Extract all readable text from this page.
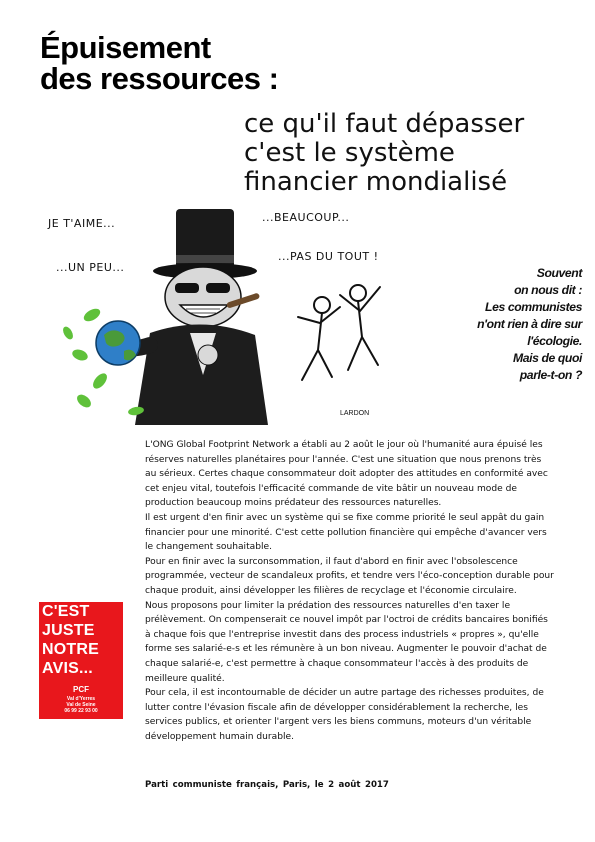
Épuisement
des ressources :
ce qu'il faut dépasser
c'est le système
financier mondialisé
JE T'AIME...
...UN PEU...
...BEAUCOUP...
...PAS DU TOUT !
LARDON
Souvent
on nous dit :
Les communistes
n'ont rien à dire sur
l'écologie.
Mais de quoi
parle-t-on ?

L'ONG Global Footprint Network a établi au 2 août le jour où l'humanité aura épuisé les réserves naturelles planétaires pour l'année. C'est une situation que nous prenons très au sérieux. Certes chaque consommateur doit adopter des attitudes en conformité avec cet enjeu vital, toutefois l'efficacité commande de vite bâtir un nouveau mode de production beaucoup moins prédateur des ressources naturelles.

Il est urgent d'en finir avec un système qui se fixe comme priorité le seul appât du gain financier pour une minorité. C'est cette pollution financière qui empêche d'avancer vers le changement souhaitable.

Pour en finir avec la surconsommation, il faut d'abord en finir avec l'obsolescence programmée, vecteur de scandaleux profits, et tendre vers l'éco-conception durable pour chaque produit, ainsi développer les filières de recyclage et l'économie circulaire.

Nous proposons pour limiter la prédation des ressources naturelles d'en taxer le prélèvement. On compenserait ce nouvel impôt par l'octroi de crédits bancaires bonifiés à chaque fois que l'entreprise investit dans des process industriels « propres », qu'elle forme ses salarié-e-s et les rémunère à un bon niveau. Augmenter le pouvoir d'achat de chaque salarié-e, c'est permettre à chaque consommateur l'accès à des produits de meilleure qualité.

Pour cela, il est incontournable de décider un autre partage des richesses produites, de lutter contre l'évasion fiscale afin de développer considérablement la recherche, les services publics, et orienter l'argent vers les biens communs, moteurs d'un véritable développement humain durable.

Parti communiste français, Paris, le 2 août 2017
C'EST
JUSTE
NOTRE
AVIS...
PCF
Val d'Yerres
Val de Seine
06 99 22 93 00
